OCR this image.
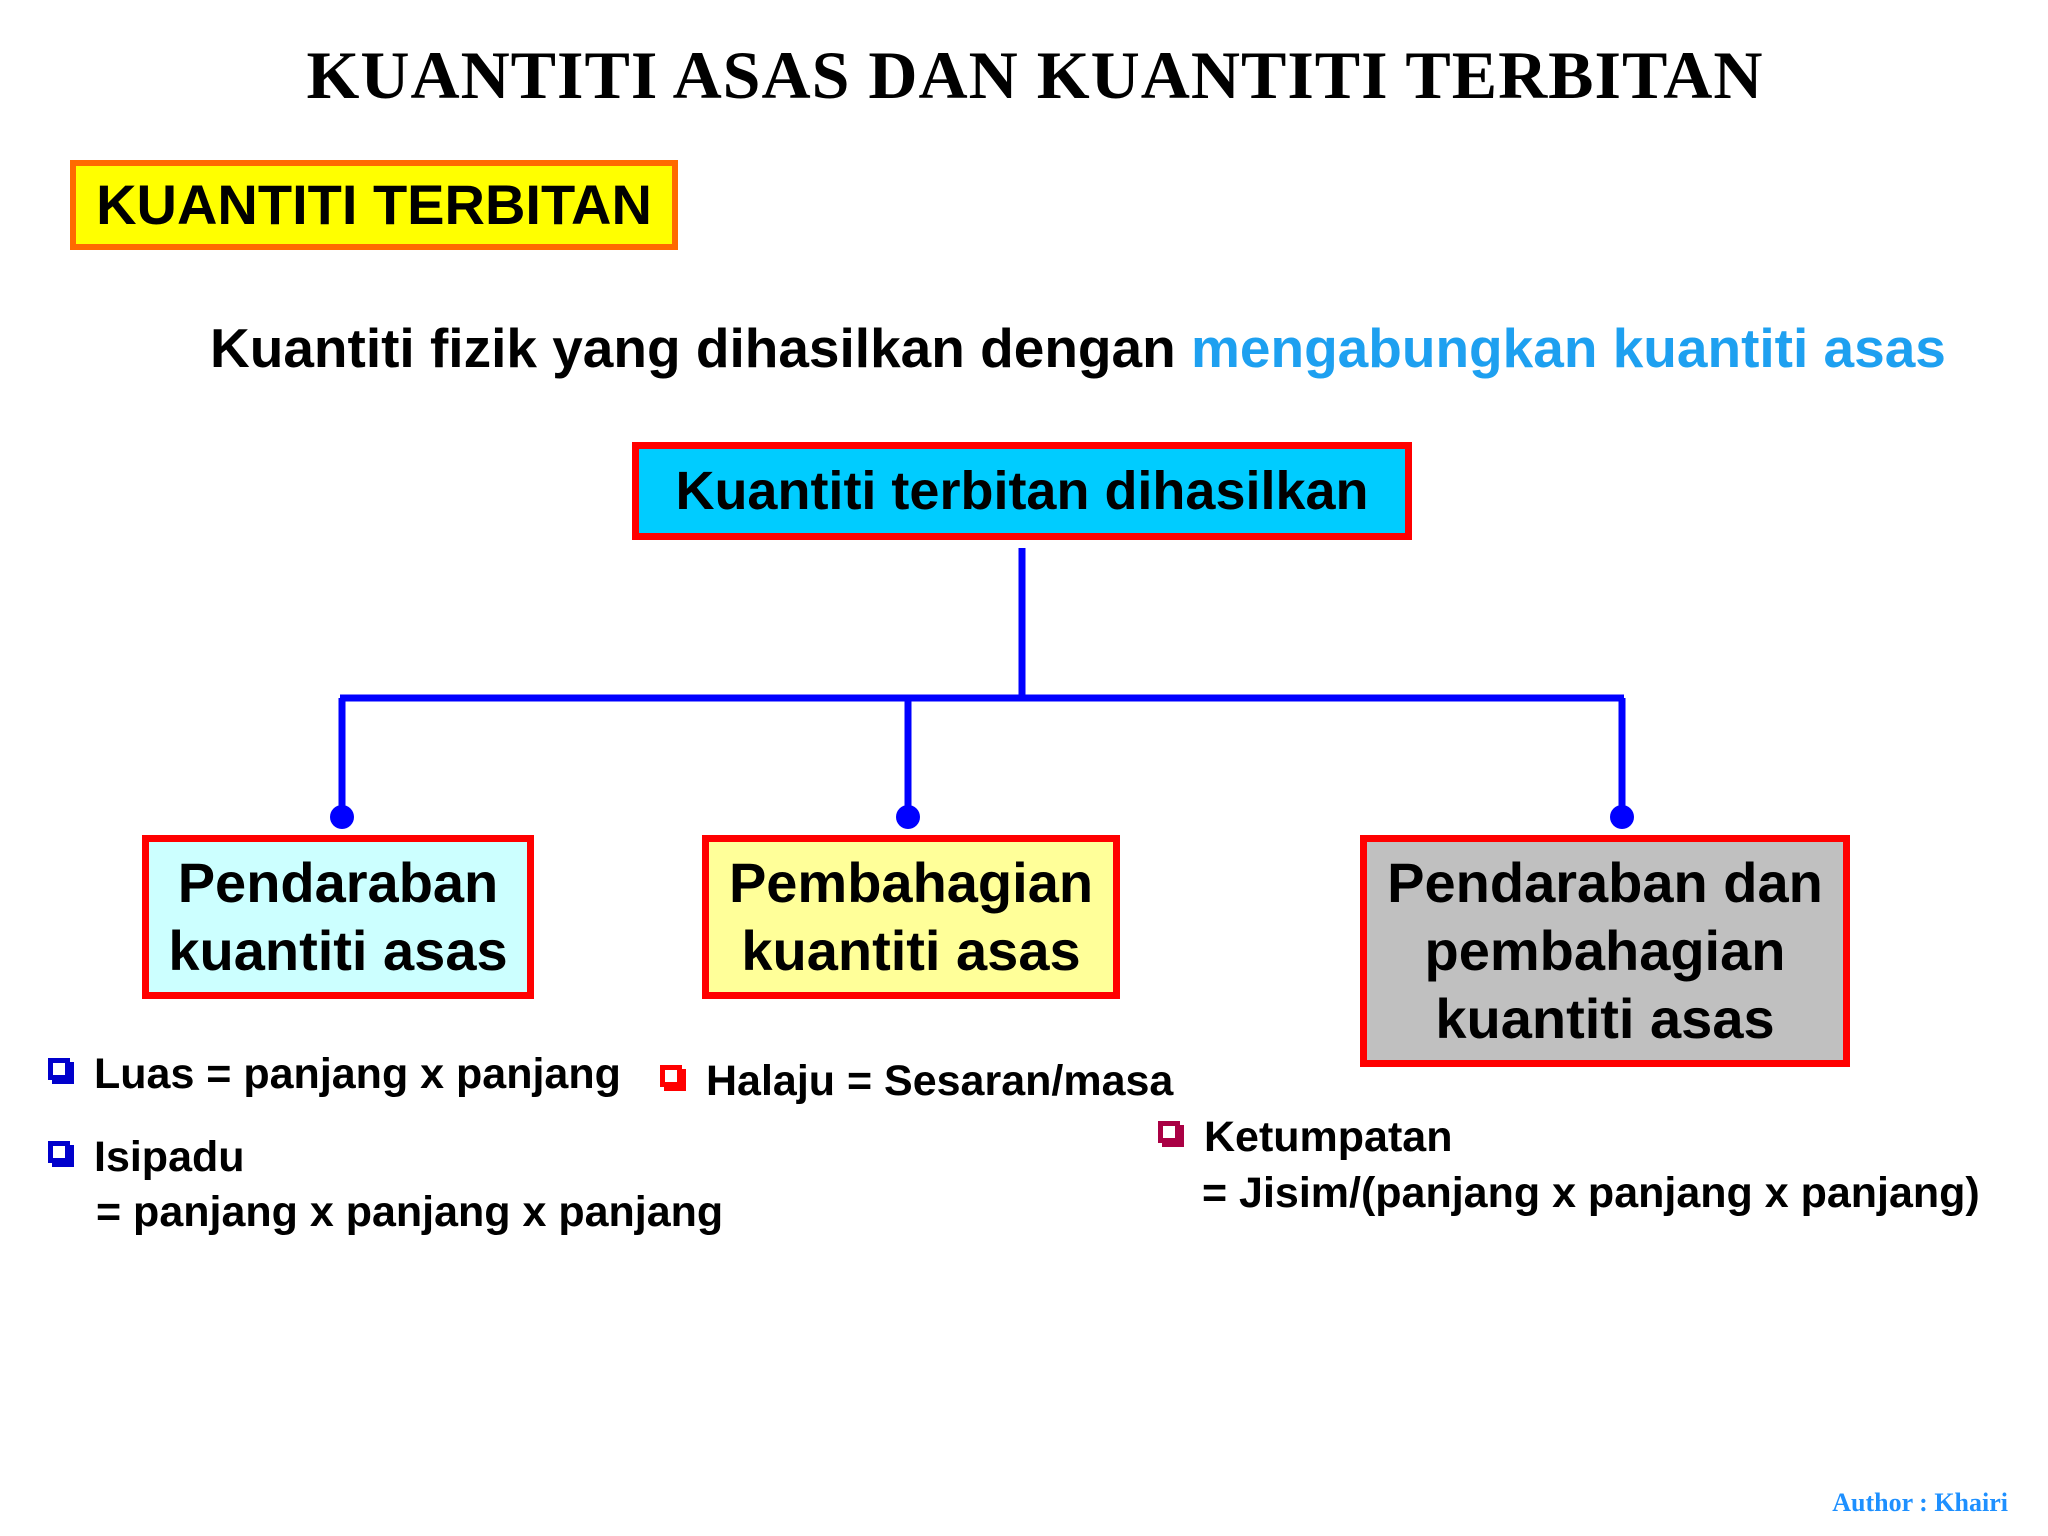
KUANTITI ASAS DAN KUANTITI TERBITAN
KUANTITI TERBITAN
Kuantiti fizik yang dihasilkan dengan mengabungkan kuantiti asas
Kuantiti terbitan dihasilkan
Pendaraban
kuantiti asas
Pembahagian
kuantiti asas
Pendaraban dan
pembahagian
kuantiti asas
Luas = panjang x panjang
Isipadu
= panjang x panjang x panjang
Halaju = Sesaran/masa
Ketumpatan
= Jisim/(panjang x panjang x panjang)
Author : Khairi
